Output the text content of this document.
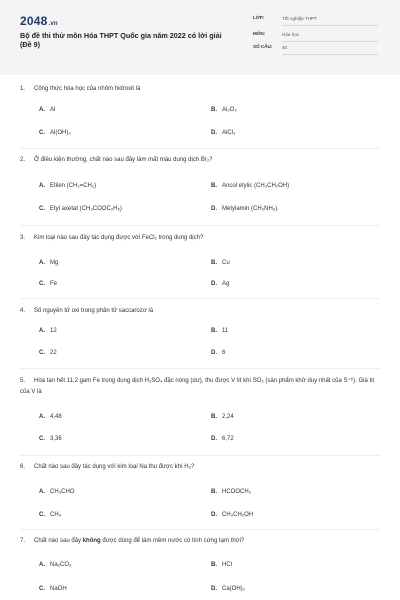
2048.vn
Bộ đề thi thử môn Hóa THPT Quốc gia năm 2022 có lời giải (Đề 9)
LỚP:	Tốt nghiệp THPT
MÔN:	Hóa học
SỐ CÂU: 40
1. Công thức hóa học của nhôm hidroxit là
A. Al	B. Al₂O₃
C. Al(OH)₃	D. AlCl₃
2. Ở điều kiện thường, chất nào sau đây làm mất màu dung dịch Br₂?
A. Etilen (CH₂=CH₂)	B. Ancol etylic (CH₃CH₂OH)
C. Etyl axetat (CH₃COOC₂H₅)	D. Metylamin (CH₃NH₂).
3. Kim loại nào sau đây tác dụng được với FeCl₂ trong dung dịch?
A. Mg	B. Cu
C. Fe	D. Ag
4. Số nguyên tử oxi trong phân tử saccarozơ là
A. 12	B. 11
C. 22	D. 6
5. Hòa tan hết 11,2 gam Fe trong dung dịch H₂SO₄ đặc nóng (dư), thu được V lít khí SO₂ (sản phẩm khử duy nhất của S⁺⁶). Giá trị của V là
A. 4,48	B. 2,24
C. 3,36	D. 6,72
6. Chất nào sau đây tác dụng với kim loại Na thu được khí H₂?
A. CH₃CHO	B. HCOOCH₃
C. CH₄	D. CH₃CH₂OH
7. Chất nào sau đây không được dùng để làm mềm nước có tính cứng tạm thời?
A. Na₂CO₃	B. HCl
C. NaOH	D. Ca(OH)₂
